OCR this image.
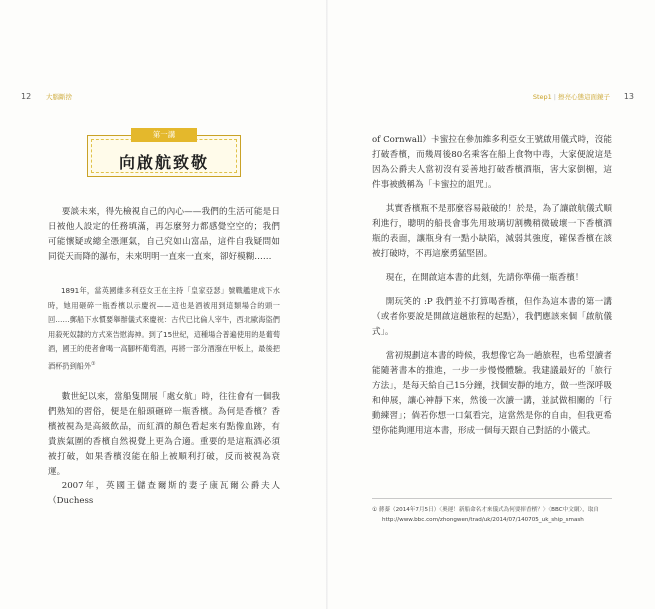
12 大腦斷捨	Step1 | 擦亮心態這面鏡子 13
第一講
向啟航致敬

要談未來，得先檢視自己的內心——我們的生活可能是日日被他人設定的任務填滿，再怎麼努力都感覺空空的；我們可能懷疑或總全憑運氣，自己究如山富品，這件自我疑問如同從天而降的瀑布，未來明明一直來一直來，卻好模糊……

1891年，當英國維多利亞女王在主持「皇家亞瑟」號戰艦建成下水時，她用砸碎一瓶香檳以示慶祝——這也是酒被用到這類場合的頭一回……郵船下水慣要舉辦儀式來慶祝：古代已比倫人宰牛，西北歐海盜們用殺死奴隸的方式來告慰海神。到了15世紀，這種場合普遍使用的是葡萄酒，國王的使者會喝一高腳杯葡萄酒，再將一部分酒潑在甲板上，最後把酒杯扔到船外①

數世紀以來，當船隻開展「處女航」時，往往會有一個我們熟知的習俗，便是在船頭砸碎一瓶香檳。為何是香檳？香檳被視為是高級飲品，而紅酒的顏色看起來有點像血跡，有貴族氣圍的香檳自然視覺上更為合適。重要的是這瓶酒必須被打破，如果香檳沒能在船上被順利打破，反而被視為衰運。

2007年，英國王儲查爾斯的妻子康瓦爾公爵夫人（Duchess

of Cornwall）卡蜜拉在參加維多利亞女王號啟用儀式時，沒能打破香檳，而幾周後80名乘客在船上食物中毒，大家便說這是因為公爵夫人當初沒有妥善地打破香檳酒瓶，害大家倒楣，這件事被戲稱為「卡蜜拉的詛咒」。

其實香檳瓶不是那麼容易敲破的！於是，為了讓啟航儀式順利進行，聰明的船長會事先用玻璃切割機稍微破壞一下香檳酒瓶的表面，讓瓶身有一點小缺陷，減弱其強度，確保香檳在該被打破時，不再這麼勇猛堅固。

現在，在開啟這本書的此刻，先請你準備一瓶香檳！

開玩笑的 :P 我們並不打算喝香檳，但作為這本書的第一講（或者你要說是開啟這趟旅程的起點），我們應該來個「啟航儀式」。

當初規劃這本書的時候，我想像它為一趟旅程，也希望讀者能隨著書本的推進，一步一步慢慢體驗。我建議最好的「旅行方法」，是每天給自己15分鐘，找個安靜的地方，做一些深呼吸和伸展，讓心神靜下來，然後一次讀一講，並試做相關的「行動練習」；倘若你想一口氣看完，這當然是你的自由，但我更希望你能夠運用這本書，形成一個每天跟自己對話的小儀式。

① 蔣蓁（2014年7月5日）〈奧運！新船命名才來儀式為何要摔香檳？〉〈BBC中文網〉，取自
http://www.bbc.com/zhongwen/trad/uk/2014/07/140705_uk_ship_smash
